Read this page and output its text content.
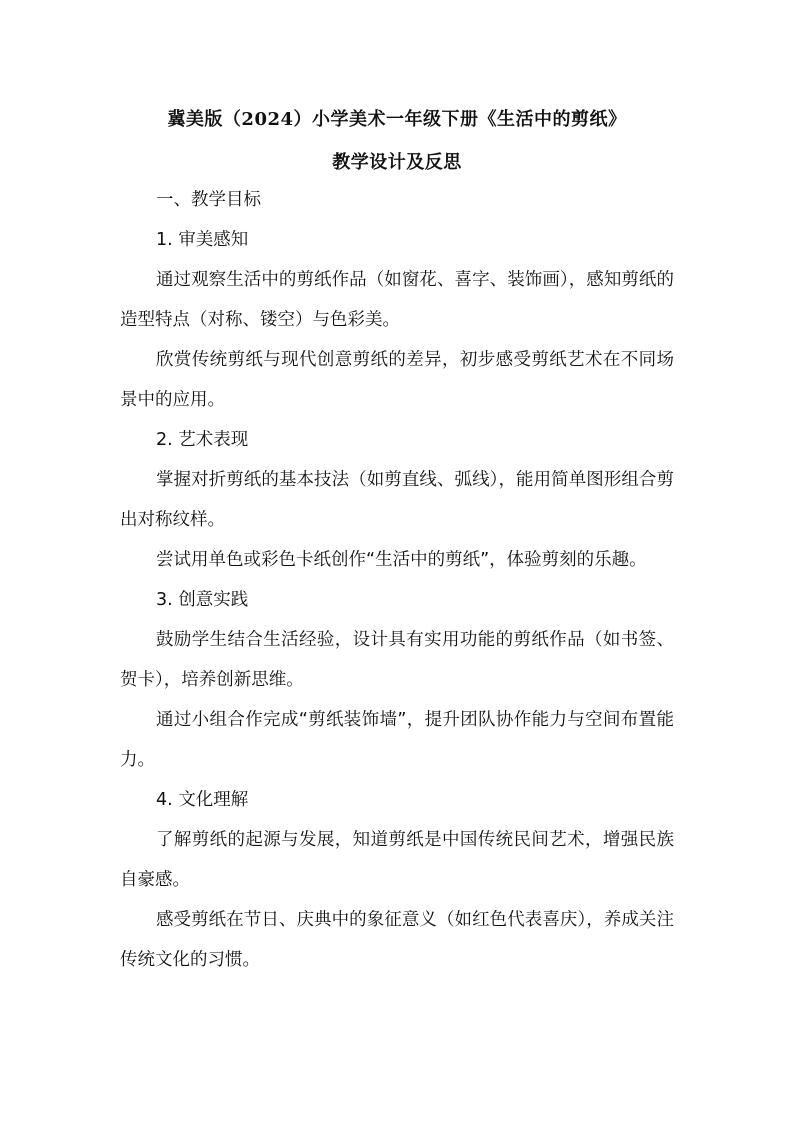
冀美版（2024）小学美术一年级下册《生活中的剪纸》
教学设计及反思

一、教学目标

1. 审美感知

通过观察生活中的剪纸作品（如窗花、喜字、装饰画），感知剪纸的造型特点（对称、镂空）与色彩美。

欣赏传统剪纸与现代创意剪纸的差异，初步感受剪纸艺术在不同场景中的应用。

2. 艺术表现

掌握对折剪纸的基本技法（如剪直线、弧线），能用简单图形组合剪出对称纹样。

尝试用单色或彩色卡纸创作“生活中的剪纸”，体验剪刻的乐趣。

3. 创意实践

鼓励学生结合生活经验，设计具有实用功能的剪纸作品（如书签、贺卡），培养创新思维。

通过小组合作完成“剪纸装饰墙”，提升团队协作能力与空间布置能力。

4. 文化理解

了解剪纸的起源与发展，知道剪纸是中国传统民间艺术，增强民族自豪感。

感受剪纸在节日、庆典中的象征意义（如红色代表喜庆），养成关注传统文化的习惯。
